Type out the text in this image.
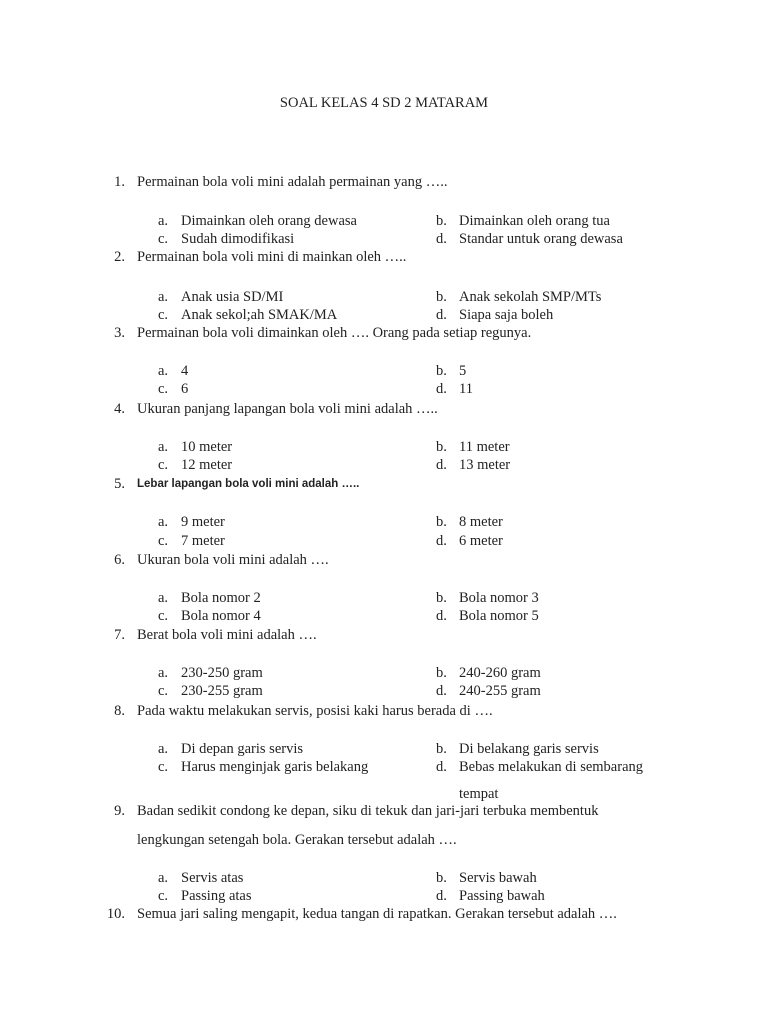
SOAL KELAS 4 SD 2 MATARAM
1. Permainan bola voli mini adalah permainan yang …..
a. Dimainkan oleh orang dewasa	b. Dimainkan oleh orang tua
c. Sudah dimodifikasi	d. Standar untuk orang dewasa
2. Permainan bola voli mini di mainkan oleh …..
a. Anak usia SD/MI	b. Anak sekolah SMP/MTs
c. Anak sekol;ah SMAK/MA	d. Siapa saja boleh
3. Permainan bola voli dimainkan oleh …. Orang pada setiap regunya.
a. 4	b. 5
c. 6	d. 11
4. Ukuran panjang lapangan bola voli mini adalah …..
a. 10 meter	b. 11 meter
c. 12 meter	d. 13 meter
5. Lebar lapangan bola voli mini adalah …..
a. 9 meter	b. 8 meter
c. 7 meter	d. 6 meter
6. Ukuran bola voli mini adalah ….
a. Bola nomor 2	b. Bola nomor 3
c. Bola nomor 4	d. Bola nomor 5
7. Berat bola voli mini adalah ….
a. 230-250 gram	b. 240-260 gram
c. 230-255 gram	d. 240-255 gram
8. Pada waktu melakukan servis, posisi kaki harus berada di ….
a. Di depan garis servis	b. Di belakang garis servis
c. Harus menginjak garis belakang	d. Bebas melakukan di sembarang
tempat
9. Badan sedikit condong ke depan, siku di tekuk dan jari-jari terbuka membentuk
lengkungan setengah bola. Gerakan tersebut adalah ….
a. Servis atas	b. Servis bawah
c. Passing atas	d. Passing bawah
10. Semua jari saling mengapit, kedua tangan di rapatkan. Gerakan tersebut adalah ….
